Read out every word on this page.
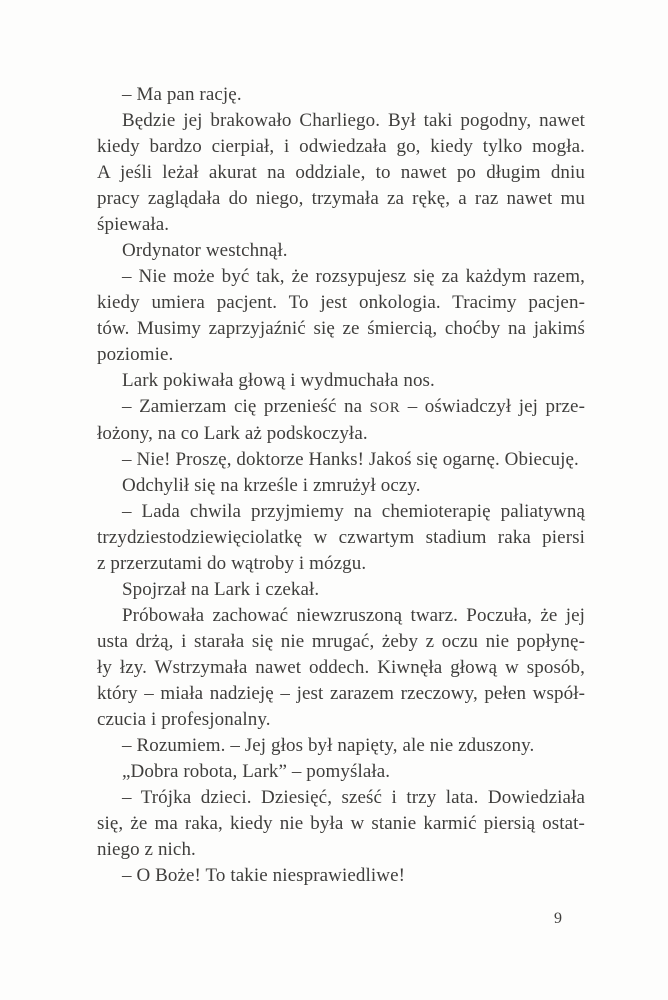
– Ma pan rację.
Będzie jej brakowało Charliego. Był taki pogodny, nawet
kiedy bardzo cierpiał, i odwiedzała go, kiedy tylko mogła.
A jeśli leżał akurat na oddziale, to nawet po długim dniu
pracy zaglądała do niego, trzymała za rękę, a raz nawet mu
śpiewała.
Ordynator westchnął.
– Nie może być tak, że rozsypujesz się za każdym razem,
kiedy umiera pacjent. To jest onkologia. Tracimy pacjen-
tów. Musimy zaprzyjaźnić się ze śmiercią, choćby na jakimś
poziomie.
Lark pokiwała głową i wydmuchała nos.
– Zamierzam cię przenieść na SOR – oświadczył jej prze-
łożony, na co Lark aż podskoczyła.
– Nie! Proszę, doktorze Hanks! Jakoś się ogarnę. Obiecuję.
Odchylił się na krześle i zmrużył oczy.
– Lada chwila przyjmiemy na chemioterapię paliatywną
trzydziestodziewięciolatkę w czwartym stadium raka piersi
z przerzutami do wątroby i mózgu.
Spojrzał na Lark i czekał.
Próbowała zachować niewzruszoną twarz. Poczuła, że jej
usta drżą, i starała się nie mrugać, żeby z oczu nie popłynę-
ły łzy. Wstrzymała nawet oddech. Kiwnęła głową w sposób,
który – miała nadzieję – jest zarazem rzeczowy, pełen współ-
czucia i profesjonalny.
– Rozumiem. – Jej głos był napięty, ale nie zduszony.
„Dobra robota, Lark” – pomyślała.
– Trójka dzieci. Dziesięć, sześć i trzy lata. Dowiedziała
się, że ma raka, kiedy nie była w stanie karmić piersią ostat-
niego z nich.
– O Boże! To takie niesprawiedliwe!
9
